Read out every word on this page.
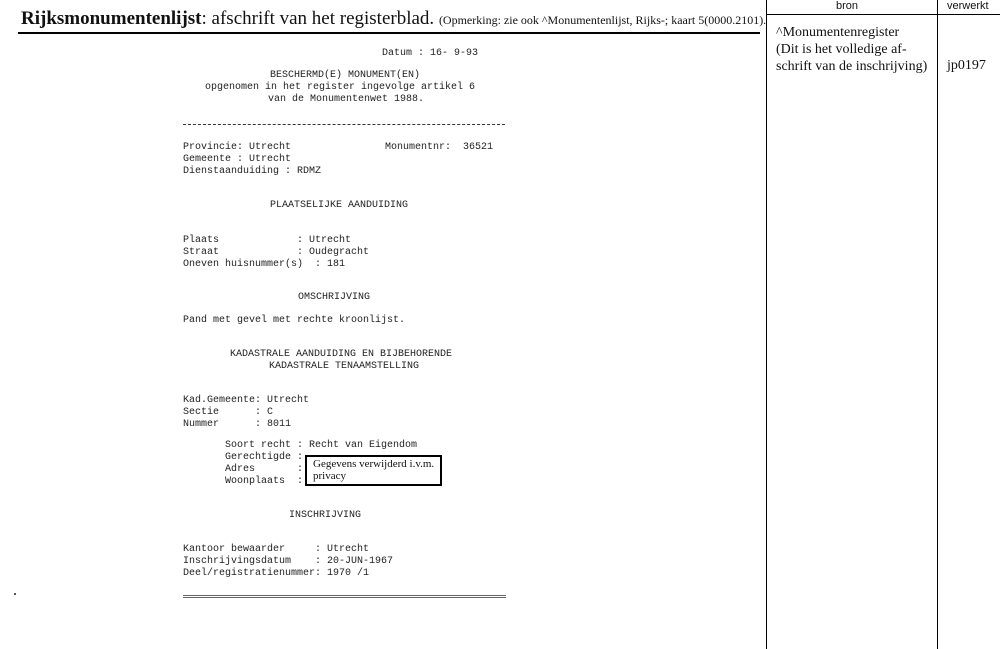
Rijksmonumentenlijst: afschrift van het registerblad. (Opmerking: zie ook ^Monumentenlijst, Rijks-; kaart 5(0000.2101).
bron	verwerkt
^Monumentenregister
(Dit is het volledige af-
schrift van de inschrijving) jp0197
Datum : 16- 9-93
BESCHERMD(E) MONUMENT(EN)
opgenomen in het register ingevolge artikel 6
van de Monumentenwet 1988.
Provincie: Utrecht	Monumentnr:  36521
Gemeente : Utrecht
Dienstaanduiding : RDMZ
PLAATSELIJKE AANDUIDING
Plaats             : Utrecht
Straat             : Oudegracht
Oneven huisnummer(s)  : 181
OMSCHRIJVING
Pand met gevel met rechte kroonlijst.
KADASTRALE AANDUIDING EN BIJBEHORENDE
KADASTRALE TENAAMSTELLING
Kad.Gemeente: Utrecht
Sectie      : C
Nummer      : 8011
Soort recht : Recht van Eigendom
Gerechtigde :
Adres       :
Woonplaats  :
Gegevens verwijderd i.v.m.
privacy
INSCHRIJVING
Kantoor bewaarder     : Utrecht
Inschrijvingsdatum    : 20-JUN-1967
Deel/registratienummer: 1970 /1
